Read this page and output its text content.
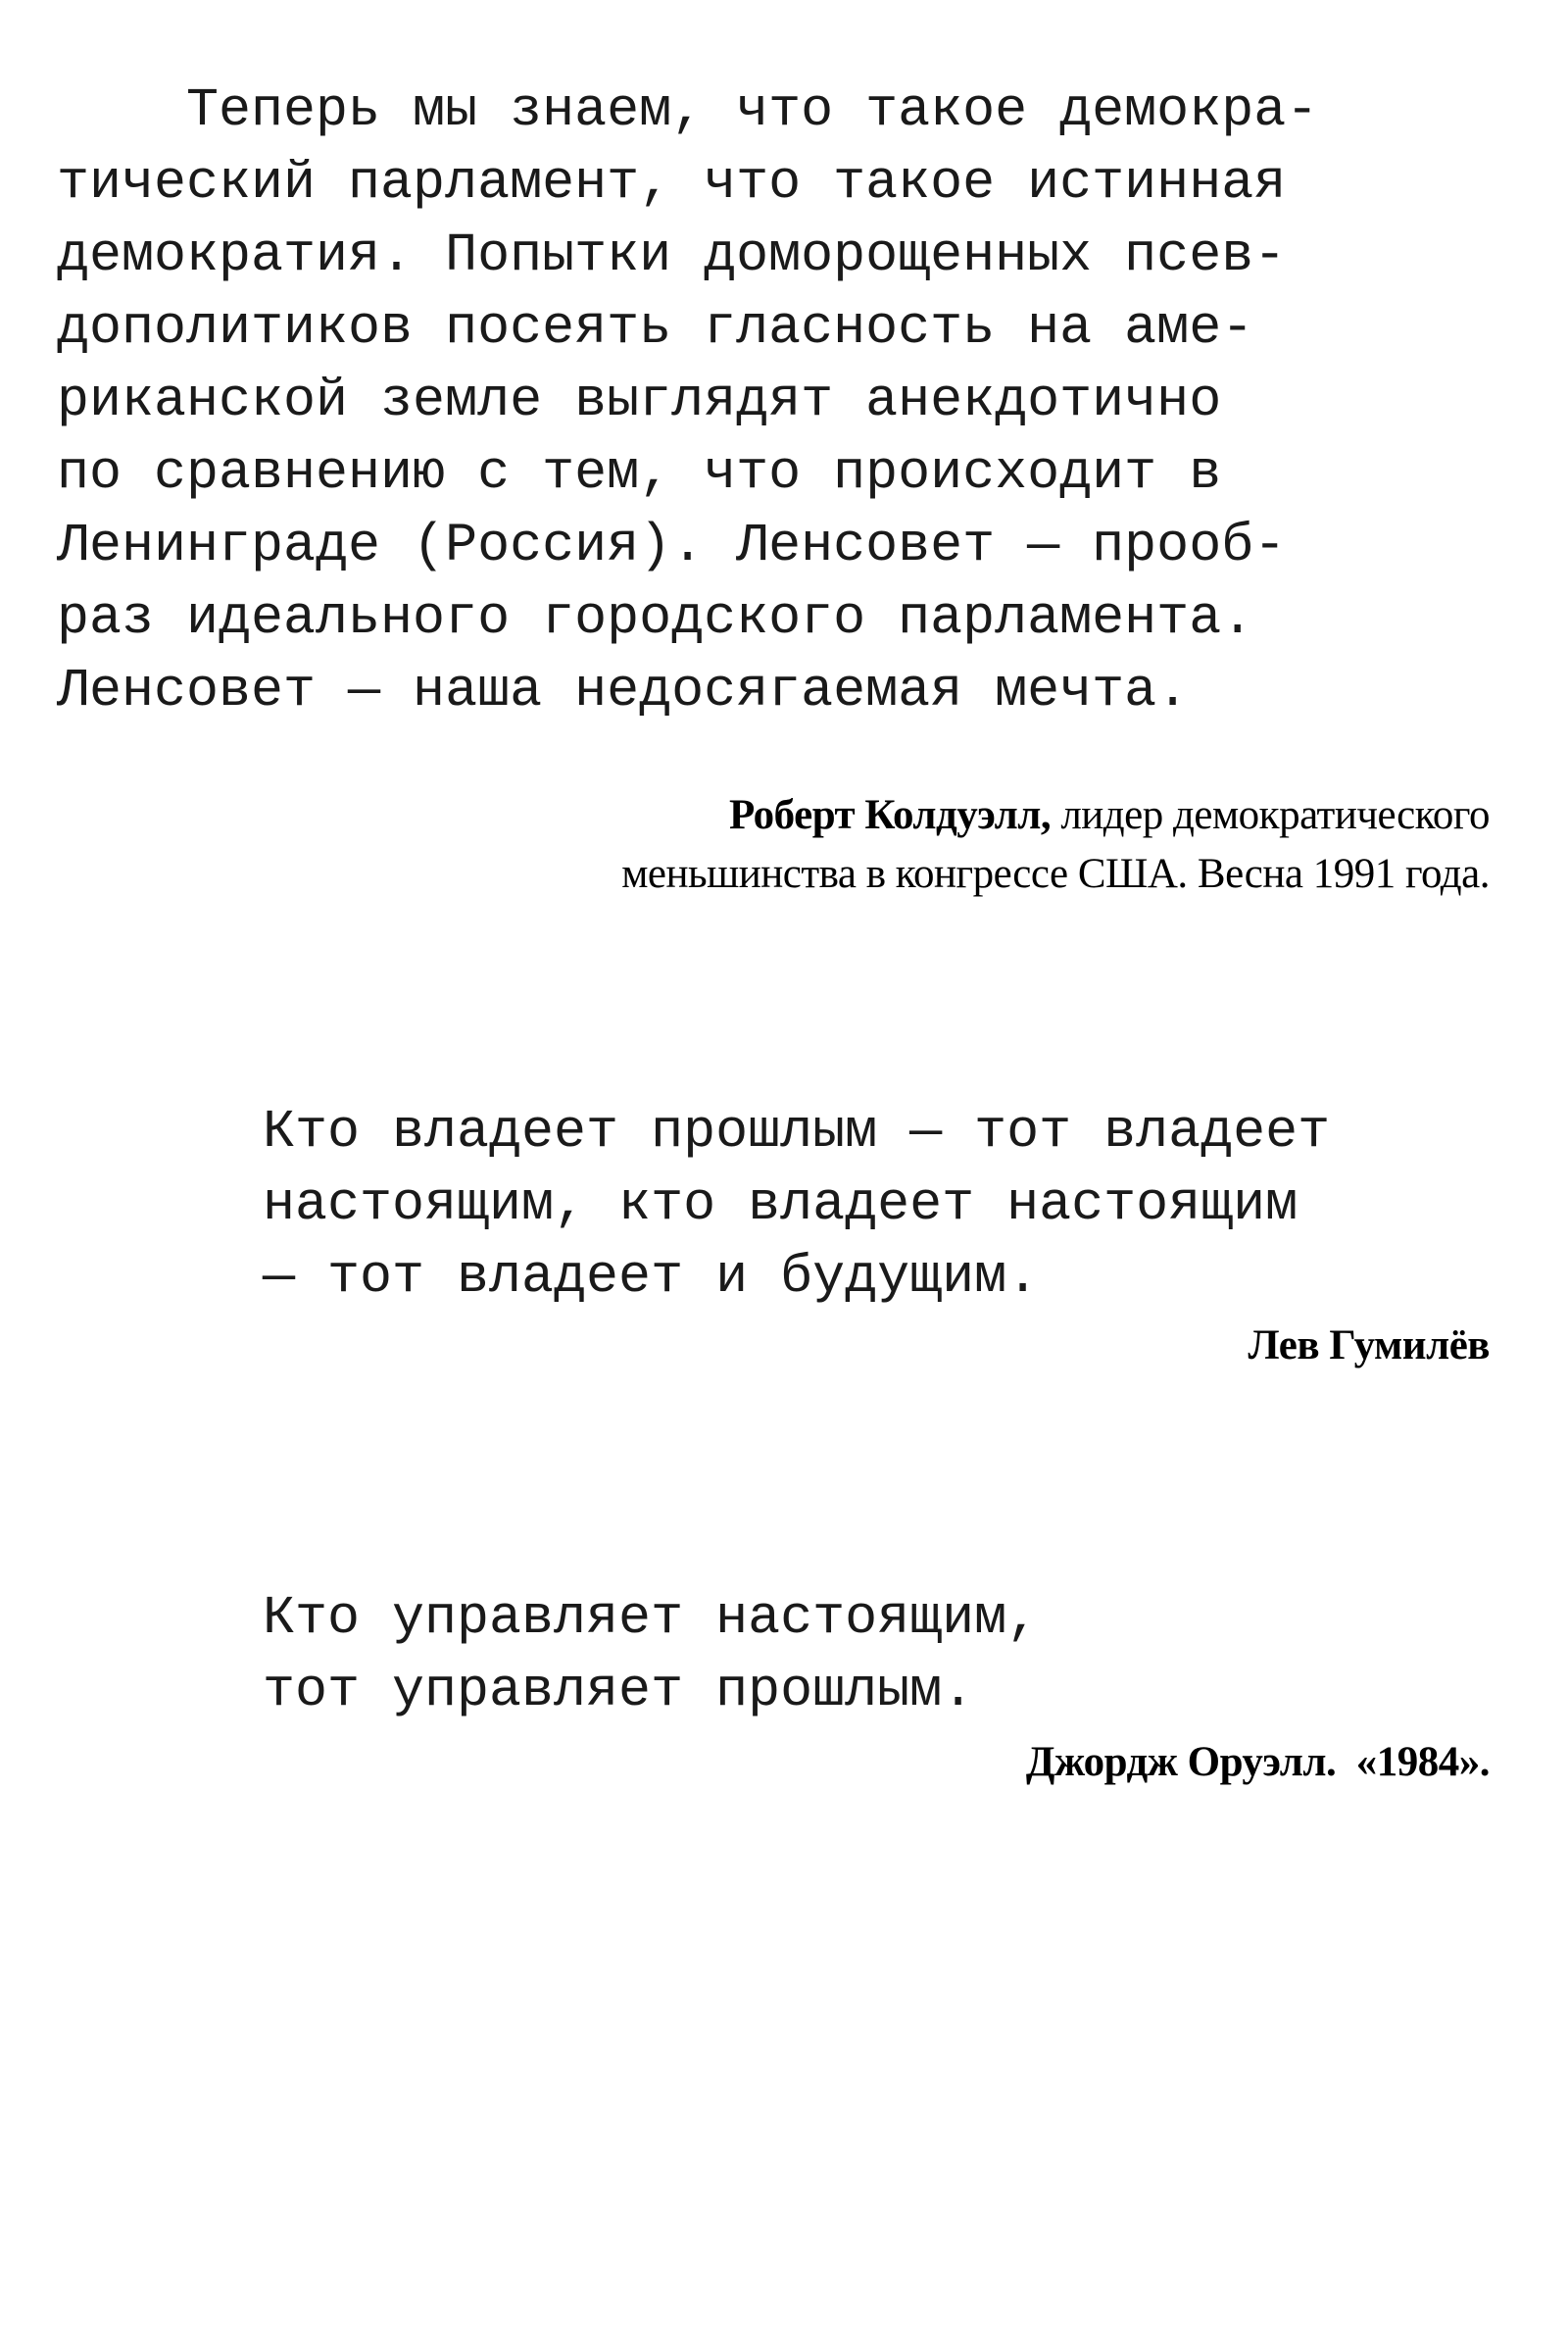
Теперь мы знаем, что такое демокра-
тический парламент, что такое истинная
демократия. Попытки доморощенных псев-
дополитиков посеять гласность на аме-
риканской земле выглядят анекдотично
по сравнению с тем, что происходит в
Ленинграде (Россия). Ленсовет — прооб-
раз идеального городского парламента.
Ленсовет — наша недосягаемая мечта.
Роберт Колдуэлл, лидер демократического
меньшинства в конгрессе США. Весна 1991 года.
Кто владеет прошлым — тот владеет
настоящим, кто владеет настоящим
— тот владеет и будущим.
Лев Гумилёв
Кто управляет настоящим,
тот управляет прошлым.
Джордж Оруэлл.  «1984».
